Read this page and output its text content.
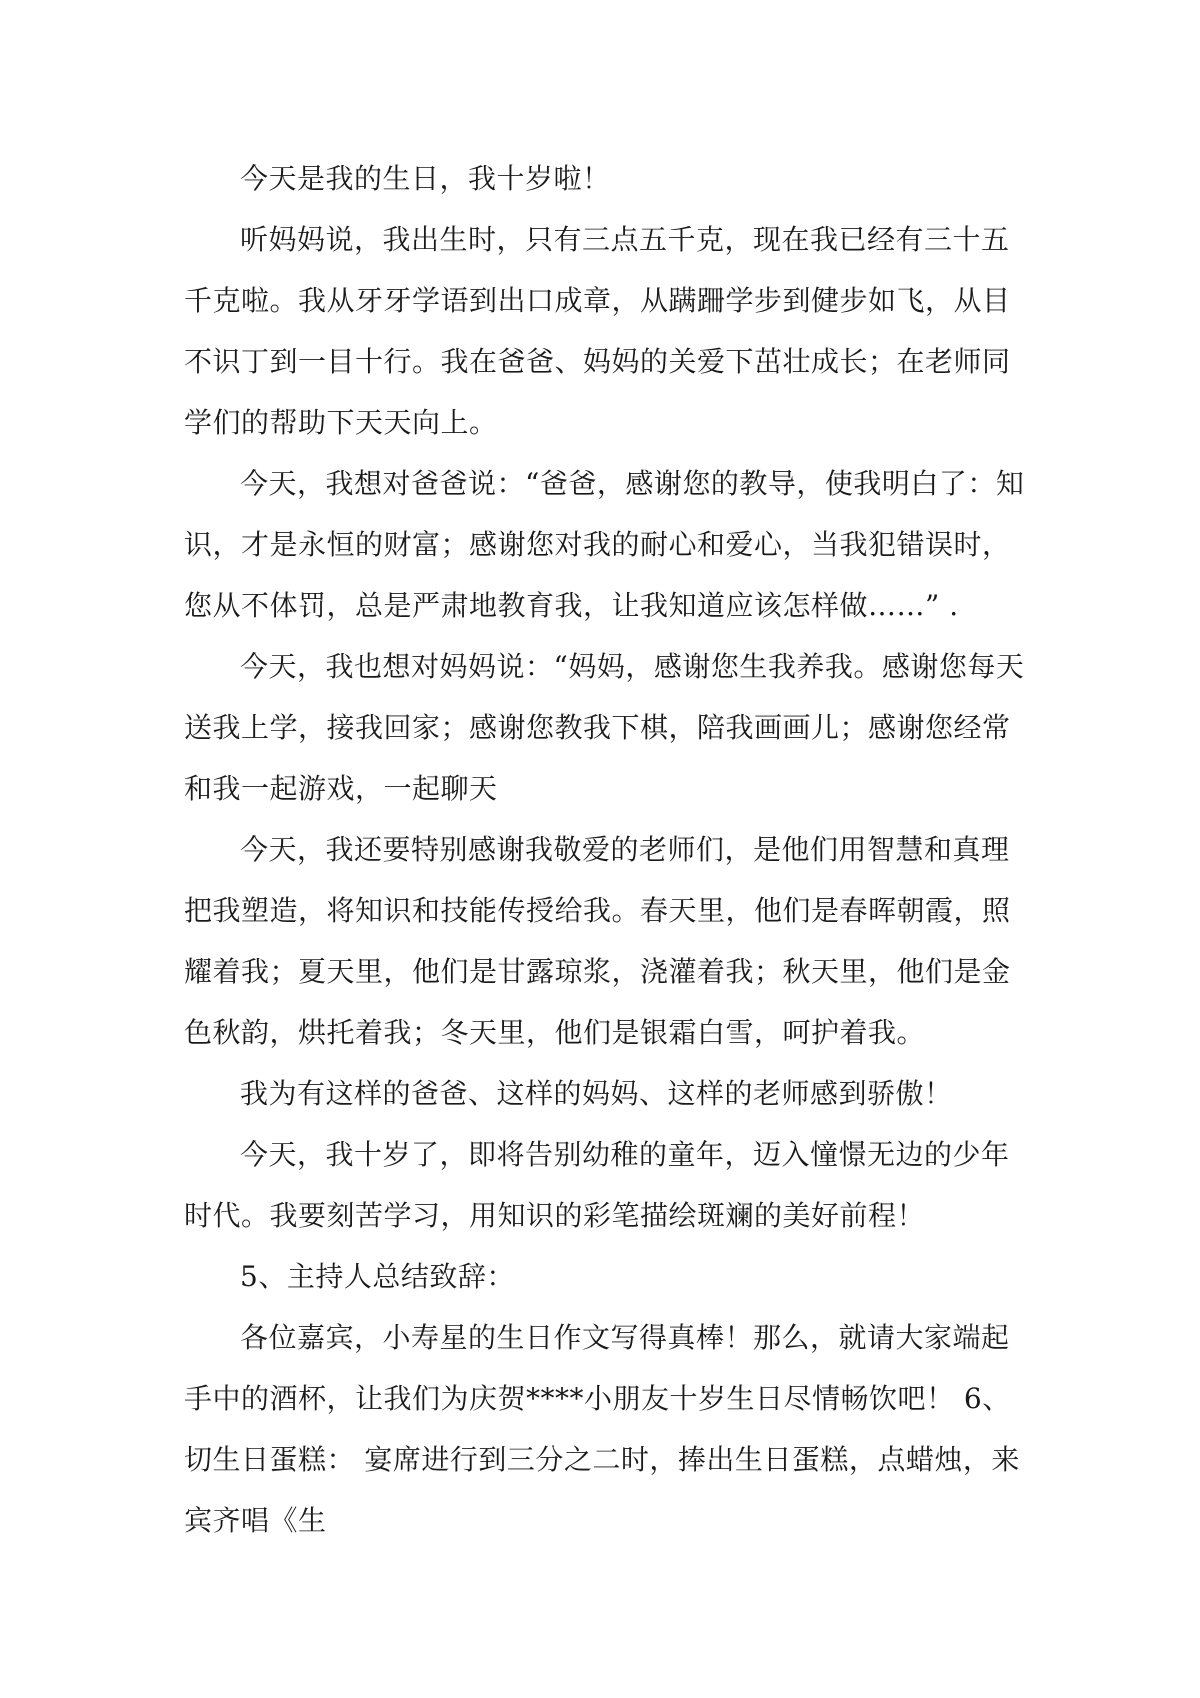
今天是我的生日，我十岁啦！

听妈妈说，我出生时，只有三点五千克，现在我已经有三十五千克啦。我从牙牙学语到出口成章，从蹒跚学步到健步如飞，从目不识丁到一目十行。我在爸爸、妈妈的关爱下茁壮成长；在老师同学们的帮助下天天向上。

今天，我想对爸爸说：“爸爸，感谢您的教导，使我明白了：知识，才是永恒的财富；感谢您对我的耐心和爱心，当我犯错误时，您从不体罚，总是严肃地教育我，让我知道应该怎样做……” .

今天，我也想对妈妈说：“妈妈，感谢您生我养我。感谢您每天送我上学，接我回家；感谢您教我下棋，陪我画画儿；感谢您经常和我一起游戏，一起聊天

今天，我还要特别感谢我敬爱的老师们，是他们用智慧和真理把我塑造，将知识和技能传授给我。春天里，他们是春晖朝霞，照耀着我；夏天里，他们是甘露琼浆，浇灌着我；秋天里，他们是金色秋韵，烘托着我；冬天里，他们是银霜白雪，呵护着我。

我为有这样的爸爸、这样的妈妈、这样的老师感到骄傲！

今天，我十岁了，即将告别幼稚的童年，迈入憧憬无边的少年时代。我要刻苦学习，用知识的彩笔描绘斑斓的美好前程！

5、主持人总结致辞：

各位嘉宾，小寿星的生日作文写得真棒！那么，就请大家端起手中的酒杯，让我们为庆贺****小朋友十岁生日尽情畅饮吧！ 6、切生日蛋糕： 宴席进行到三分之二时，捧出生日蛋糕，点蜡烛，来宾齐唱《生
